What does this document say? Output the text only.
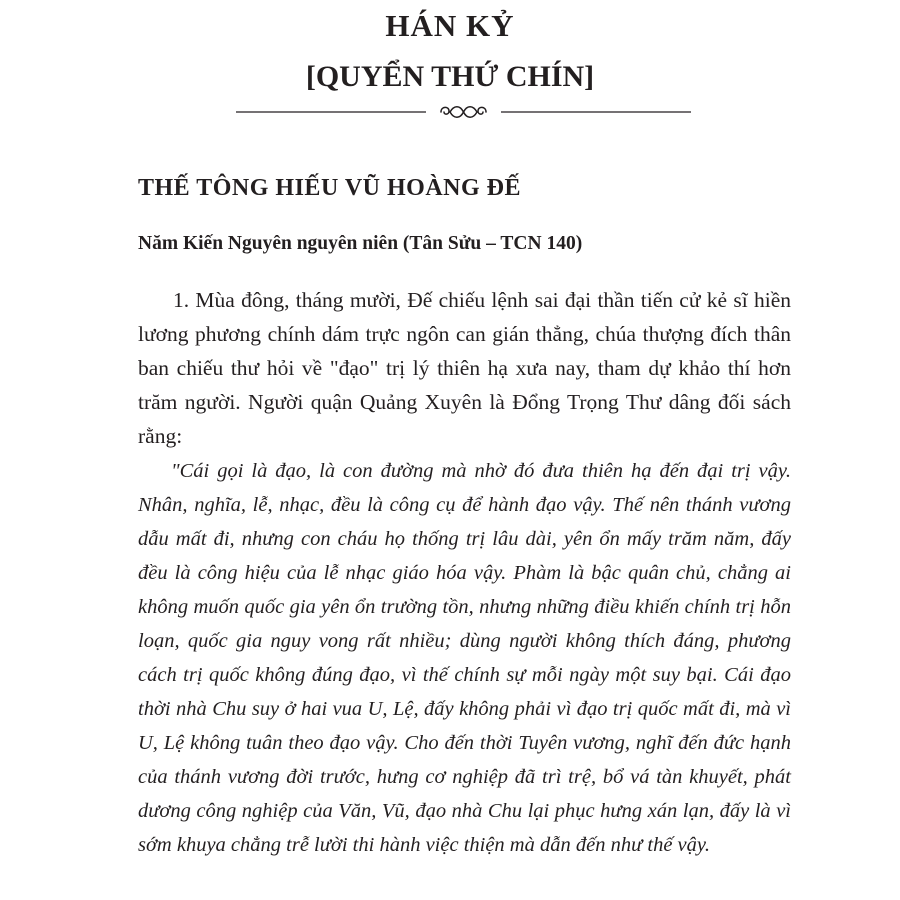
HÁN KỶ
[QUYỂN THỨ CHÍN]
THẾ TÔNG HIẾU VŨ HOÀNG ĐẾ
Năm Kiến Nguyên nguyên niên (Tân Sửu – TCN 140)

1. Mùa đông, tháng mười, Đế chiếu lệnh sai đại thần tiến cử kẻ sĩ hiền lương phương chính dám trực ngôn can gián thẳng, chúa thượng đích thân ban chiếu thư hỏi về "đạo" trị lý thiên hạ xưa nay, tham dự khảo thí hơn trăm người. Người quận Quảng Xuyên là Đổng Trọng Thư dâng đối sách rằng:

"Cái gọi là đạo, là con đường mà nhờ đó đưa thiên hạ đến đại trị vậy. Nhân, nghĩa, lễ, nhạc, đều là công cụ để hành đạo vậy. Thế nên thánh vương dẫu mất đi, nhưng con cháu họ thống trị lâu dài, yên ổn mấy trăm năm, đấy đều là công hiệu của lễ nhạc giáo hóa vậy. Phàm là bậc quân chủ, chẳng ai không muốn quốc gia yên ổn trường tồn, nhưng những điều khiến chính trị hỗn loạn, quốc gia nguy vong rất nhiều; dùng người không thích đáng, phương cách trị quốc không đúng đạo, vì thế chính sự mỗi ngày một suy bại. Cái đạo thời nhà Chu suy ở hai vua U, Lệ, đấy không phải vì đạo trị quốc mất đi, mà vì U, Lệ không tuân theo đạo vậy. Cho đến thời Tuyên vương, nghĩ đến đức hạnh của thánh vương đời trước, hưng cơ nghiệp đã trì trệ, bổ vá tàn khuyết, phát dương công nghiệp của Văn, Vũ, đạo nhà Chu lại phục hưng xán lạn, đấy là vì sớm khuya chẳng trễ lười thi hành việc thiện mà dẫn đến như thế vậy.
